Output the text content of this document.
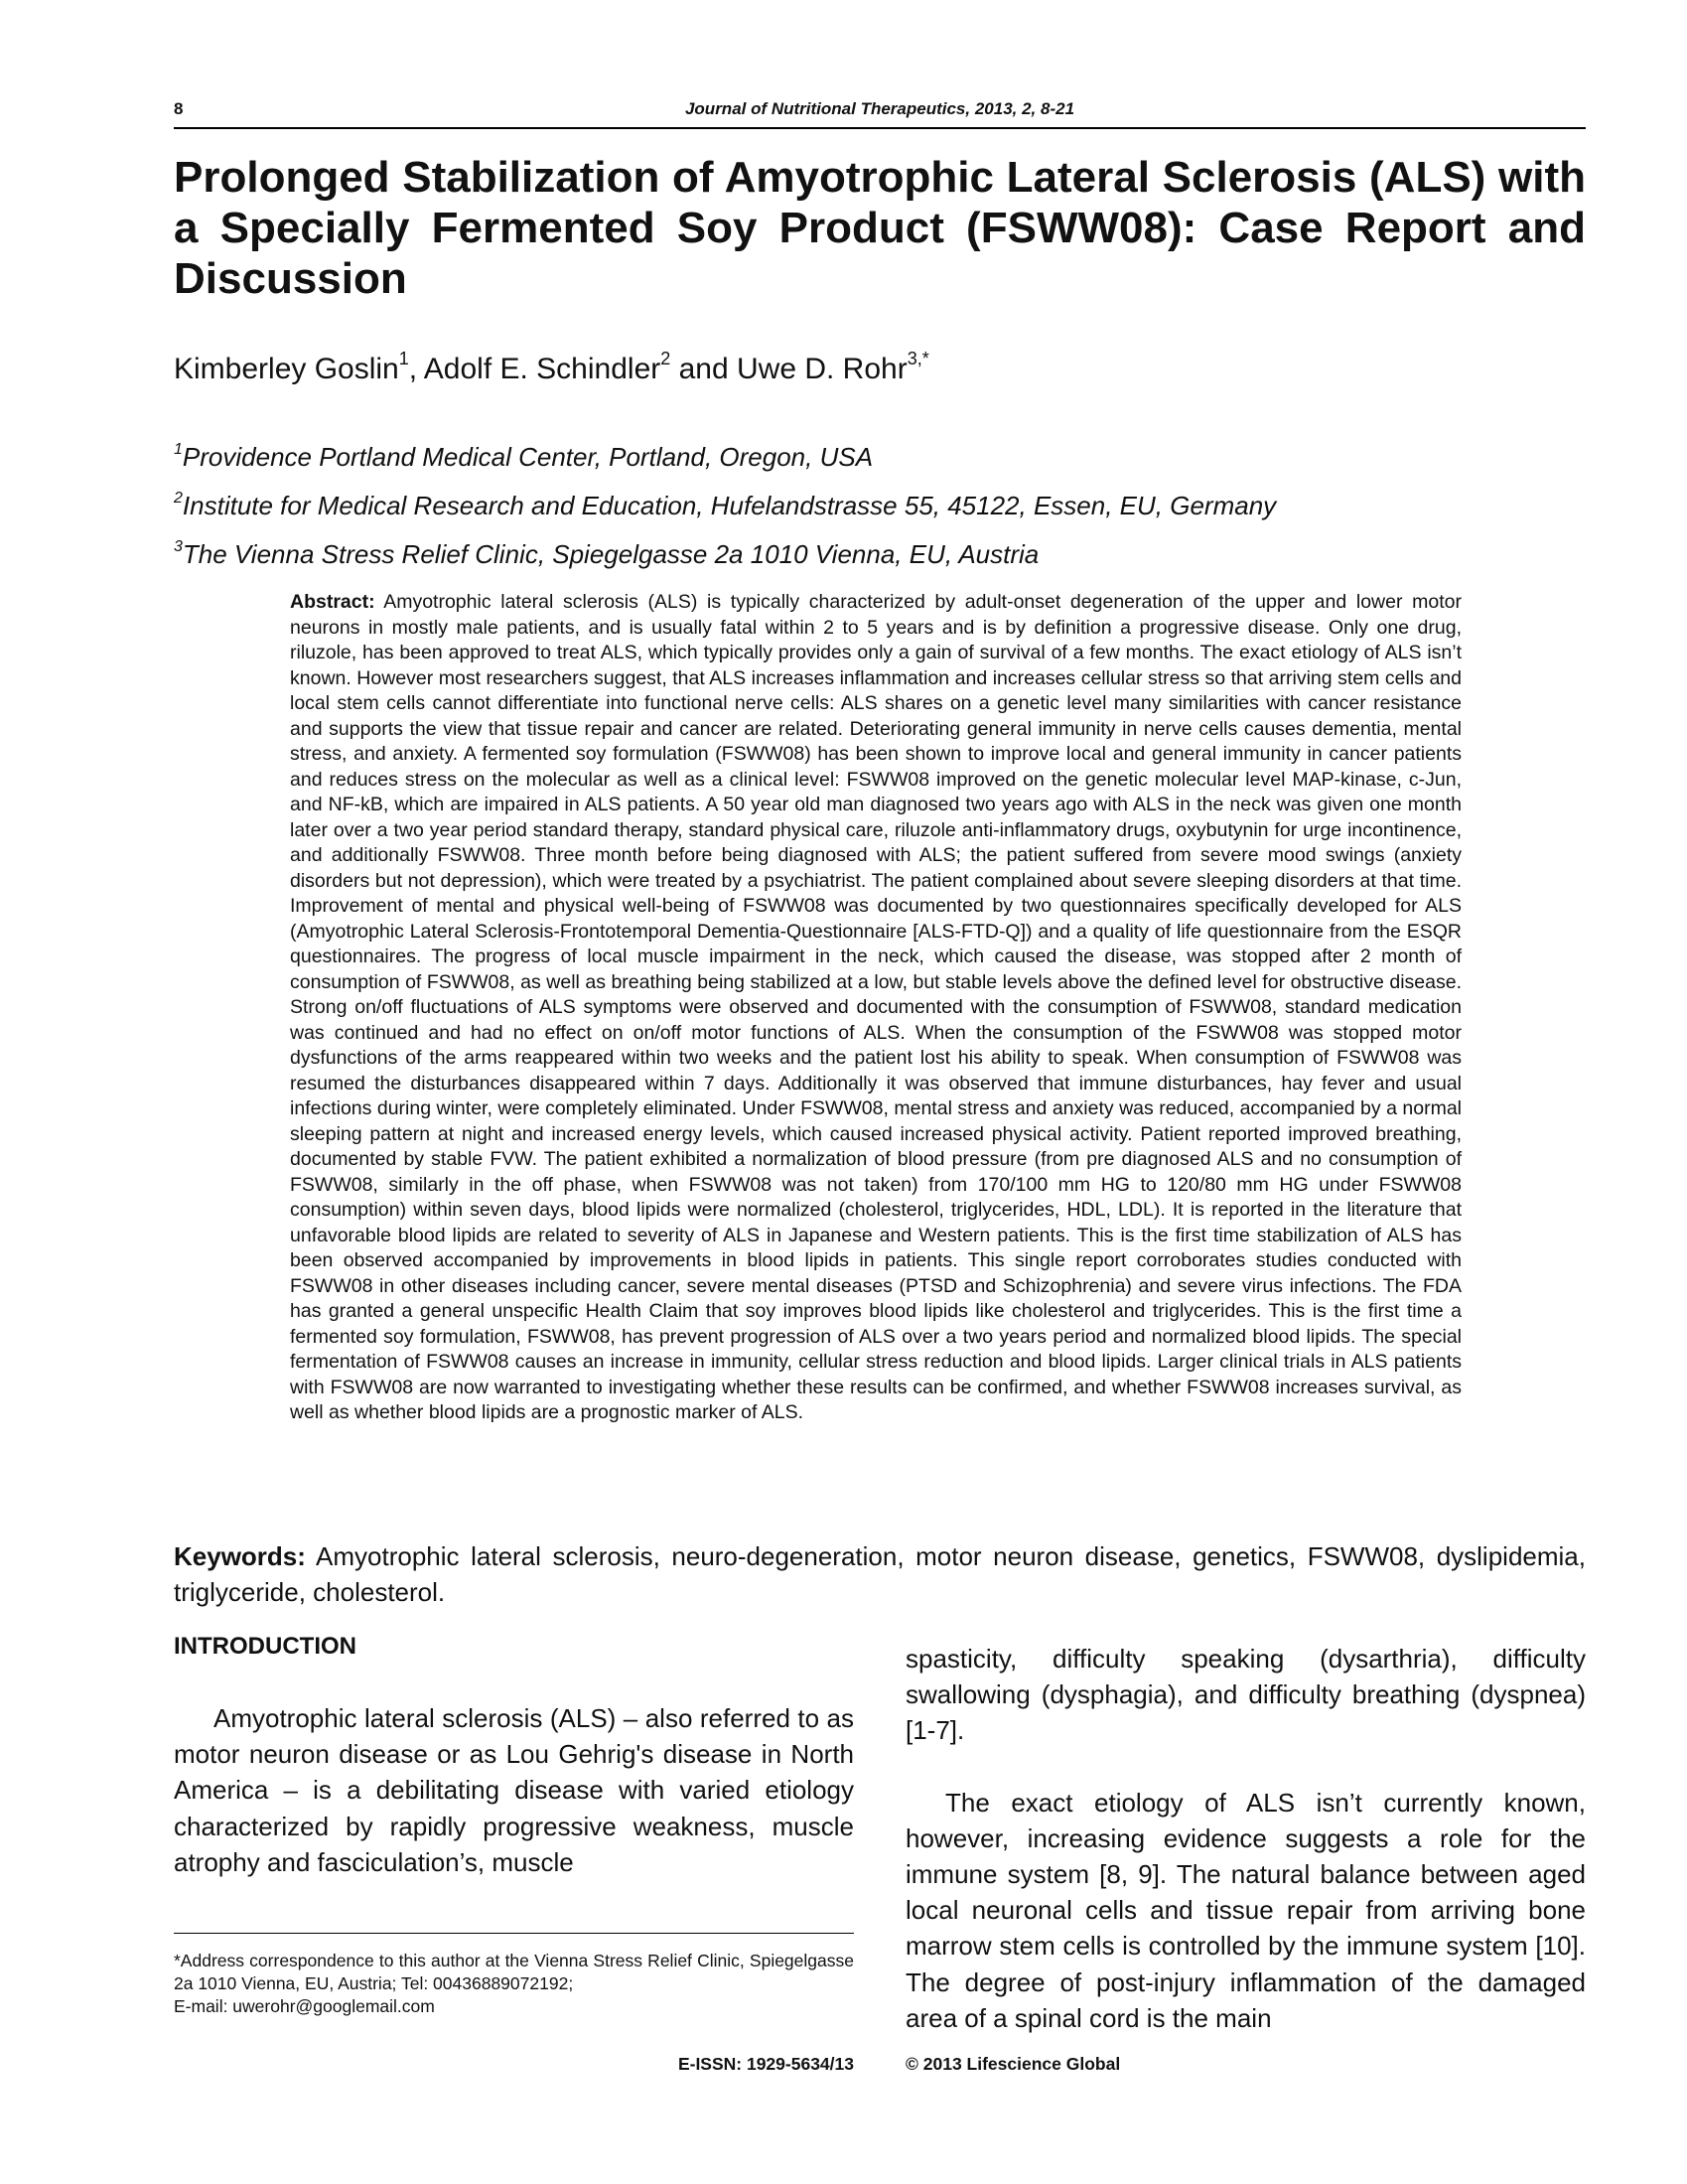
8	Journal of Nutritional Therapeutics, 2013, 2, 8-21
Prolonged Stabilization of Amyotrophic Lateral Sclerosis (ALS) with a Specially Fermented Soy Product (FSWW08): Case Report and Discussion

Kimberley Goslin$^1$, Adolf E. Schindler$^2$ and Uwe D. Rohr$^{3,*}$

$^1$Providence Portland Medical Center, Portland, Oregon, USA

$^2$Institute for Medical Research and Education, Hufelandstrasse 55, 45122, Essen, EU, Germany

$^3$The Vienna Stress Relief Clinic, Spiegelgasse 2a 1010 Vienna, EU, Austria

Abstract: Amyotrophic lateral sclerosis (ALS) is typically characterized by adult-onset degeneration of the upper and lower motor neurons in mostly male patients, and is usually fatal within 2 to 5 years and is by definition a progressive disease. Only one drug, riluzole, has been approved to treat ALS, which typically provides only a gain of survival of a few months. The exact etiology of ALS isn’t known. However most researchers suggest, that ALS increases inflammation and increases cellular stress so that arriving stem cells and local stem cells cannot differentiate into functional nerve cells: ALS shares on a genetic level many similarities with cancer resistance and supports the view that tissue repair and cancer are related. Deteriorating general immunity in nerve cells causes dementia, mental stress, and anxiety. A fermented soy formulation (FSWW08) has been shown to improve local and general immunity in cancer patients and reduces stress on the molecular as well as a clinical level: FSWW08 improved on the genetic molecular level MAP-kinase, c-Jun, and NF-kB, which are impaired in ALS patients. A 50 year old man diagnosed two years ago with ALS in the neck was given one month later over a two year period standard therapy, standard physical care, riluzole anti-inflammatory drugs, oxybutynin for urge incontinence, and additionally FSWW08. Three month before being diagnosed with ALS; the patient suffered from severe mood swings (anxiety disorders but not depression), which were treated by a psychiatrist. The patient complained about severe sleeping disorders at that time. Improvement of mental and physical well-being of FSWW08 was documented by two questionnaires specifically developed for ALS (Amyotrophic Lateral Sclerosis-Frontotemporal Dementia-Questionnaire [ALS-FTD-Q]) and a quality of life questionnaire from the ESQR questionnaires. The progress of local muscle impairment in the neck, which caused the disease, was stopped after 2 month of consumption of FSWW08, as well as breathing being stabilized at a low, but stable levels above the defined level for obstructive disease. Strong on/off fluctuations of ALS symptoms were observed and documented with the consumption of FSWW08, standard medication was continued and had no effect on on/off motor functions of ALS. When the consumption of the FSWW08 was stopped motor dysfunctions of the arms reappeared within two weeks and the patient lost his ability to speak. When consumption of FSWW08 was resumed the disturbances disappeared within 7 days. Additionally it was observed that immune disturbances, hay fever and usual infections during winter, were completely eliminated. Under FSWW08, mental stress and anxiety was reduced, accompanied by a normal sleeping pattern at night and increased energy levels, which caused increased physical activity. Patient reported improved breathing, documented by stable FVW. The patient exhibited a normalization of blood pressure (from pre diagnosed ALS and no consumption of FSWW08, similarly in the off phase, when FSWW08 was not taken) from 170/100 mm HG to 120/80 mm HG under FSWW08 consumption) within seven days, blood lipids were normalized (cholesterol, triglycerides, HDL, LDL). It is reported in the literature that unfavorable blood lipids are related to severity of ALS in Japanese and Western patients. This is the first time stabilization of ALS has been observed accompanied by improvements in blood lipids in patients. This single report corroborates studies conducted with FSWW08 in other diseases including cancer, severe mental diseases (PTSD and Schizophrenia) and severe virus infections. The FDA has granted a general unspecific Health Claim that soy improves blood lipids like cholesterol and triglycerides. This is the first time a fermented soy formulation, FSWW08, has prevent progression of ALS over a two years period and normalized blood lipids. The special fermentation of FSWW08 causes an increase in immunity, cellular stress reduction and blood lipids. Larger clinical trials in ALS patients with FSWW08 are now warranted to investigating whether these results can be confirmed, and whether FSWW08 increases survival, as well as whether blood lipids are a prognostic marker of ALS.

Keywords: Amyotrophic lateral sclerosis, neuro-degeneration, motor neuron disease, genetics, FSWW08, dyslipidemia, triglyceride, cholesterol.

INTRODUCTION

Amyotrophic lateral sclerosis (ALS) – also referred to as motor neuron disease or as Lou Gehrig's disease in North America – is a debilitating disease with varied etiology characterized by rapidly progressive weakness, muscle atrophy and fasciculation’s, muscle

spasticity, difficulty speaking (dysarthria), difficulty swallowing (dysphagia), and difficulty breathing (dyspnea) [1-7].

The exact etiology of ALS isn’t currently known, however, increasing evidence suggests a role for the immune system [8, 9]. The natural balance between aged local neuronal cells and tissue repair from arriving bone marrow stem cells is controlled by the immune system [10]. The degree of post-injury inflammation of the damaged area of a spinal cord is the main

*Address correspondence to this author at the Vienna Stress Relief Clinic, Spiegelgasse 2a 1010 Vienna, EU, Austria; Tel: 00436889072192;
E-mail: uwerohr@googlemail.com

E-ISSN: 1929-5634/13	© 2013 Lifescience Global
